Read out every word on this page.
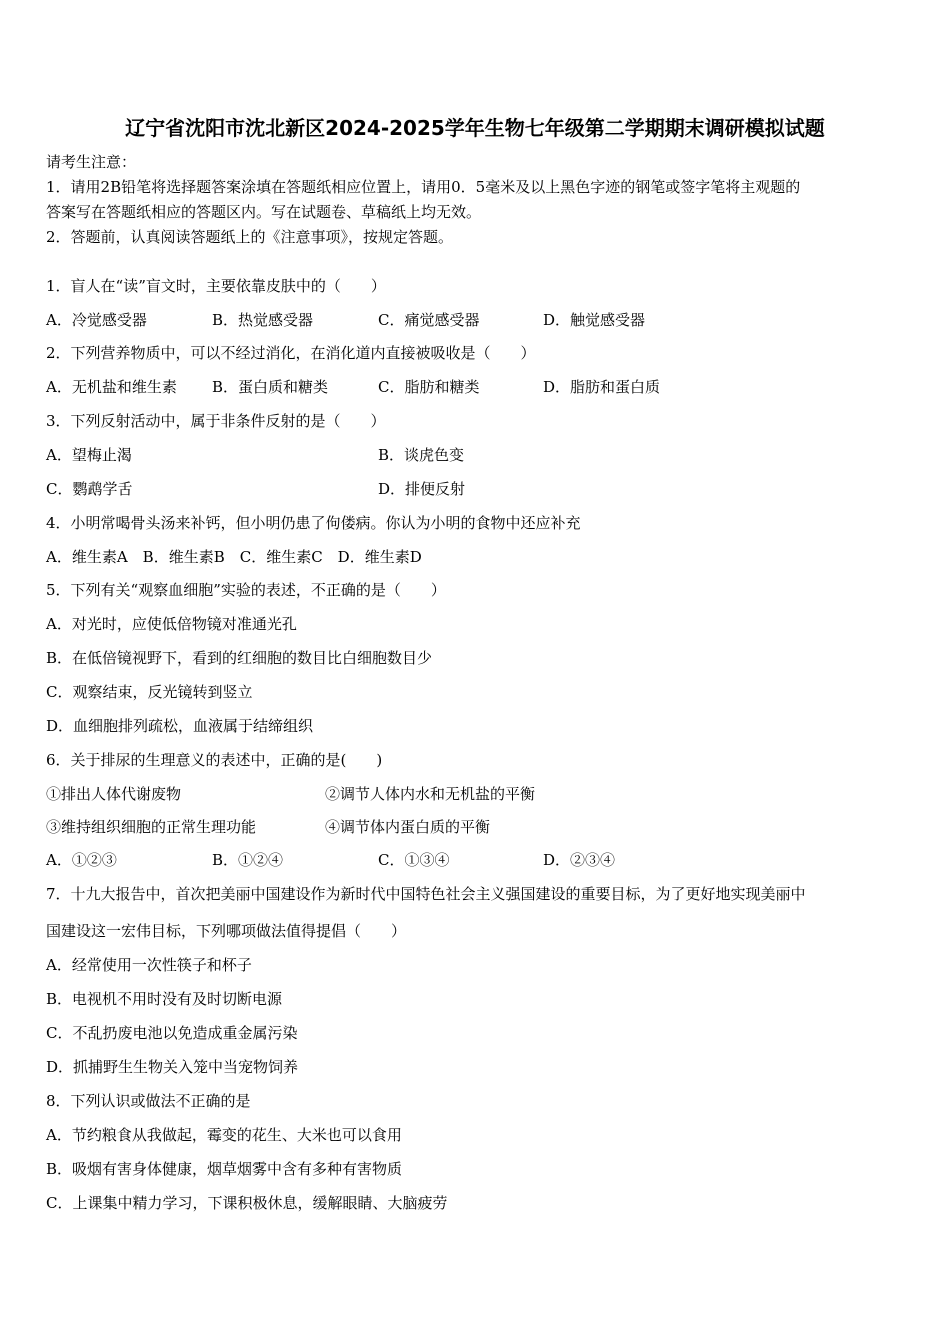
辽宁省沈阳市沈北新区2024-2025学年生物七年级第二学期期末调研模拟试题
请考生注意：
1．请用2B铅笔将选择题答案涂填在答题纸相应位置上，请用0．5毫米及以上黑色字迹的钢笔或签字笔将主观题的
答案写在答题纸相应的答题区内。写在试题卷、草稿纸上均无效。
2．答题前，认真阅读答题纸上的《注意事项》，按规定答题。
1．盲人在“读”盲文时，主要依靠皮肤中的（　　）
A．冷觉感受器	B．热觉感受器	C．痛觉感受器	D．触觉感受器
2．下列营养物质中，可以不经过消化，在消化道内直接被吸收是（　　）
A．无机盐和维生素 B．蛋白质和糖类	C．脂肪和糖类	D．脂肪和蛋白质
3．下列反射活动中，属于非条件反射的是（　　）
A．望梅止渴	B．谈虎色变
C．鹦鹉学舌	D．排便反射
4．小明常喝骨头汤来补钙，但小明仍患了佝偻病。你认为小明的食物中还应补充
A．维生素A　B．维生素B　C．维生素C　D．维生素D
5．下列有关“观察血细胞”实验的表述，不正确的是（　　）
A．对光时，应使低倍物镜对准通光孔
B．在低倍镜视野下，看到的红细胞的数目比白细胞数目少
C．观察结束，反光镜转到竖立
D．血细胞排列疏松，血液属于结缔组织
6．关于排尿的生理意义的表述中，正确的是(　　)
①排出人体代谢废物	②调节人体内水和无机盐的平衡
③维持组织细胞的正常生理功能	④调节体内蛋白质的平衡
A．①②③	B．①②④	C．①③④	D．②③④
7．十九大报告中，首次把美丽中国建设作为新时代中国特色社会主义强国建设的重要目标，为了更好地实现美丽中
国建设这一宏伟目标，下列哪项做法值得提倡（　　）
A．经常使用一次性筷子和杯子
B．电视机不用时没有及时切断电源
C．不乱扔废电池以免造成重金属污染
D．抓捕野生生物关入笼中当宠物饲养
8．下列认识或做法不正确的是
A．节约粮食从我做起，霉变的花生、大米也可以食用
B．吸烟有害身体健康，烟草烟雾中含有多种有害物质
C．上课集中精力学习，下课积极休息，缓解眼睛、大脑疲劳
